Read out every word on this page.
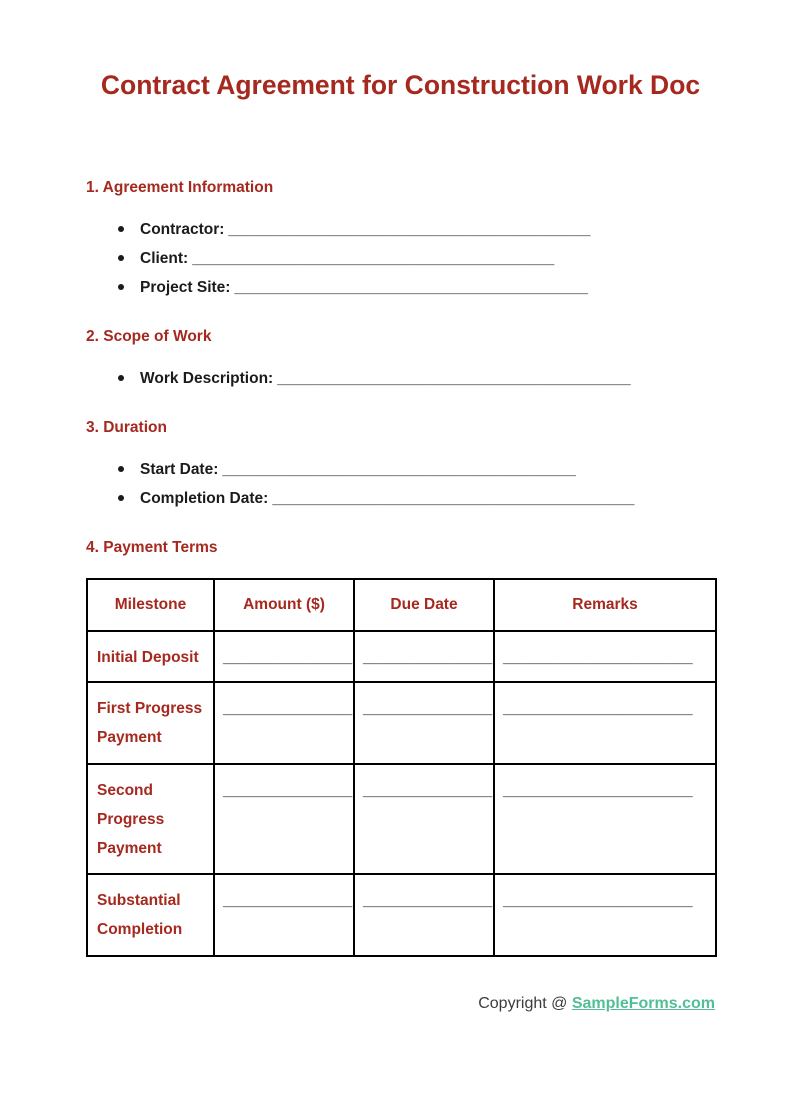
Contract Agreement for Construction Work Doc
1. Agreement Information
Contractor: __________________________________________
Client: __________________________________________
Project Site: _________________________________________
2. Scope of Work
Work Description: _________________________________________
3. Duration
Start Date: _________________________________________
Completion Date: __________________________________________
4. Payment Terms
Milestone	Amount ($)	Due Date	Remarks
Initial Deposit	_______________	_______________	______________________
First Progress Payment	_______________	_______________	______________________
Second Progress Payment	_______________	_______________	______________________
Substantial Completion	_______________	_______________	______________________
Copyright @ SampleForms.com
